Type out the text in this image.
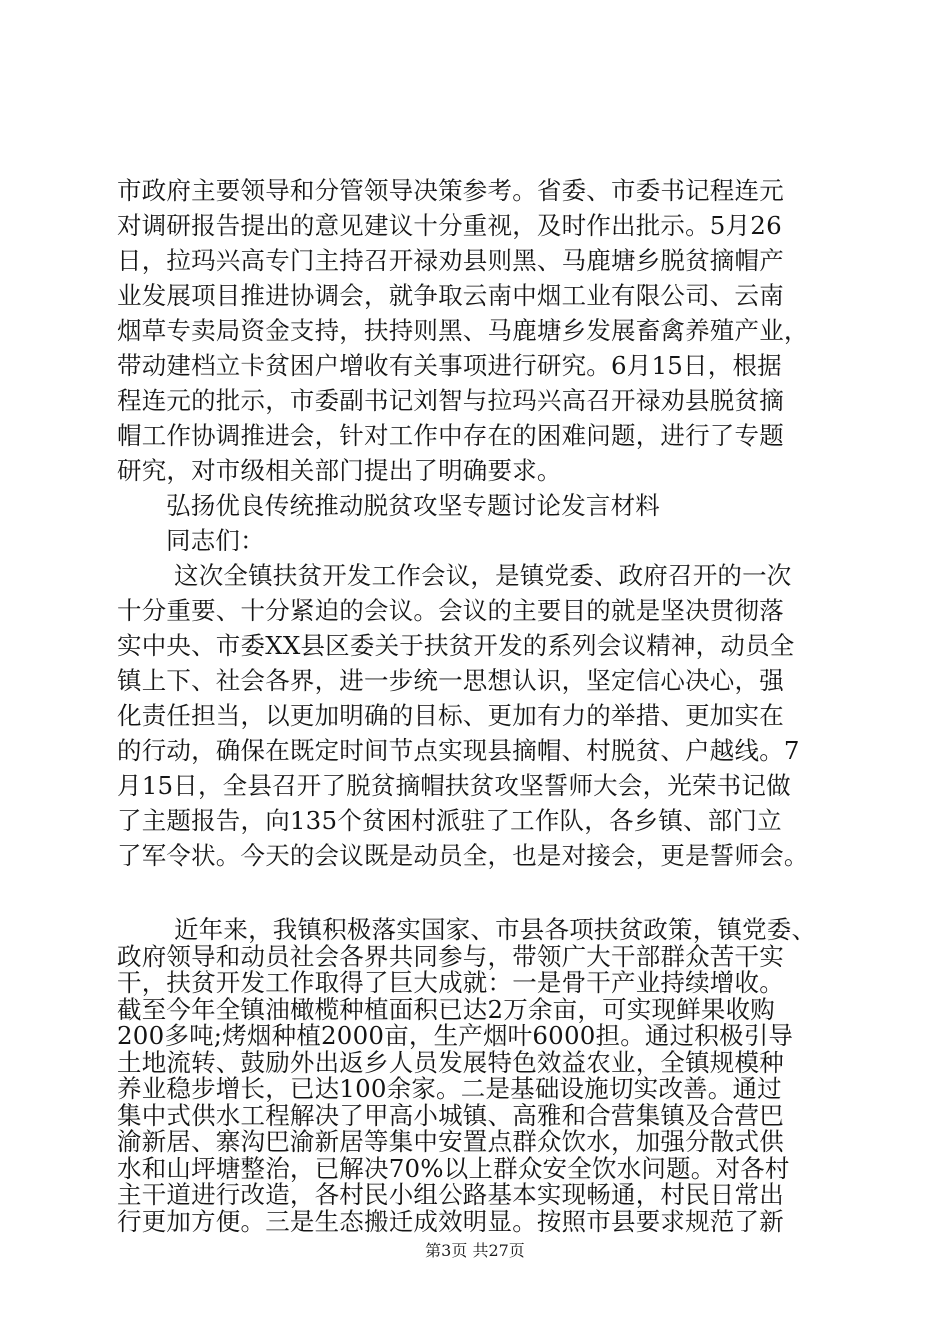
市政府主要领导和分管领导决策参考。省委、市委书记程连元
对调研报告提出的意见建议十分重视，及时作出批示。5月26
日，拉玛兴高专门主持召开禄劝县则黑、马鹿塘乡脱贫摘帽产
业发展项目推进协调会，就争取云南中烟工业有限公司、云南
烟草专卖局资金支持，扶持则黑、马鹿塘乡发展畜禽养殖产业，
带动建档立卡贫困户增收有关事项进行研究。6月15日，根据
程连元的批示，市委副书记刘智与拉玛兴高召开禄劝县脱贫摘
帽工作协调推进会，针对工作中存在的困难问题，进行了专题
研究，对市级相关部门提出了明确要求。
弘扬优良传统推动脱贫攻坚专题讨论发言材料
同志们：
这次全镇扶贫开发工作会议，是镇党委、政府召开的一次
十分重要、十分紧迫的会议。会议的主要目的就是坚决贯彻落
实中央、市委XX县区委关于扶贫开发的系列会议精神，动员全
镇上下、社会各界，进一步统一思想认识，坚定信心决心，强
化责任担当，以更加明确的目标、更加有力的举措、更加实在
的行动，确保在既定时间节点实现县摘帽、村脱贫、户越线。7
月15日，全县召开了脱贫摘帽扶贫攻坚誓师大会，光荣书记做
了主题报告，向135个贫困村派驻了工作队，各乡镇、部门立
了军令状。今天的会议既是动员全，也是对接会，更是誓师会。
近年来，我镇积极落实国家、市县各项扶贫政策，镇党委、
政府领导和动员社会各界共同参与，带领广大干部群众苦干实
干，扶贫开发工作取得了巨大成就：一是骨干产业持续增收。
截至今年全镇油橄榄种植面积已达2万余亩，可实现鲜果收购
200多吨;烤烟种植2000亩，生产烟叶6000担。通过积极引导
土地流转、鼓励外出返乡人员发展特色效益农业，全镇规模种
养业稳步增长，已达100余家。二是基础设施切实改善。通过
集中式供水工程解决了甲高小城镇、高雅和合营集镇及合营巴
渝新居、寨沟巴渝新居等集中安置点群众饮水，加强分散式供
水和山坪塘整治，已解决70%以上群众安全饮水问题。对各村
主干道进行改造，各村民小组公路基本实现畅通，村民日常出
行更加方便。三是生态搬迁成效明显。按照市县要求规范了新
第3页 共27页
